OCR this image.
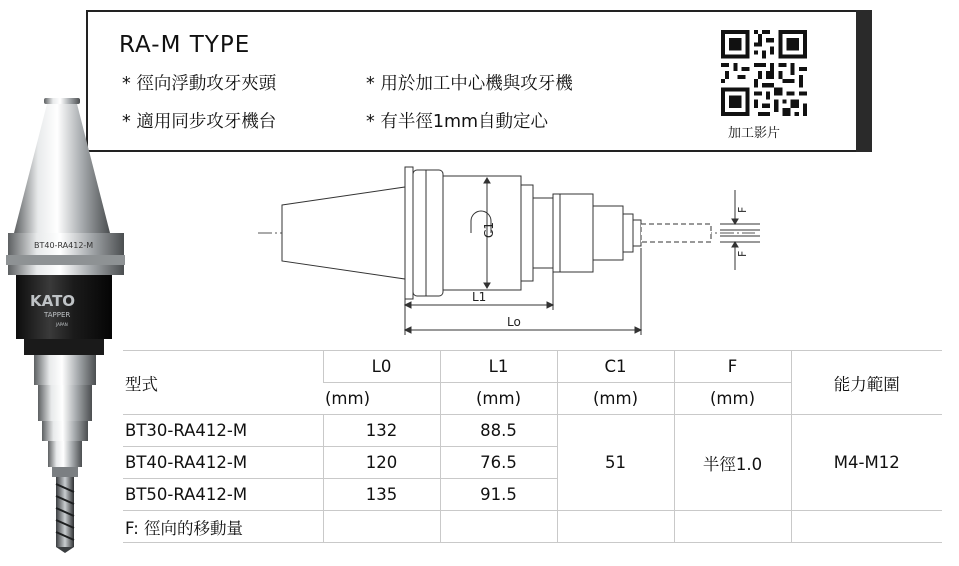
RA-M TYPE
* 徑向浮動攻牙夾頭	* 用於加工中心機與攻牙機
* 適用同步攻牙機台	* 有半徑1mm自動定心
加工影片
BT40-RA412-M
KATO
TAPPER
JAPAN
C1
L1
Lo
F
F
型式	L0	L1	C1	F	能力範圍
	(mm)	(mm)	(mm)	(mm)	
BT30-RA412-M	132	88.5	51	半徑1.0	M4-M12
BT40-RA412-M	120	76.5			
BT50-RA412-M	135	91.5			
F: 徑向的移動量					
